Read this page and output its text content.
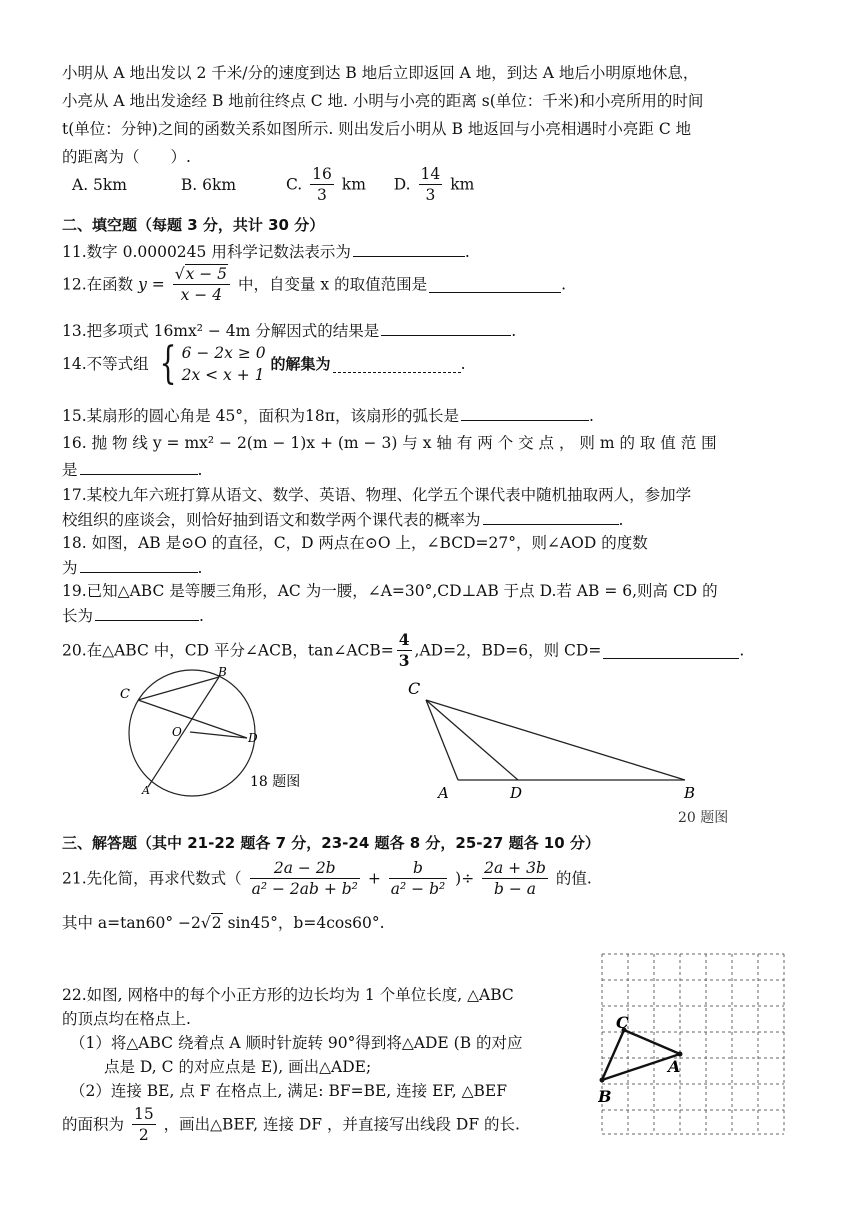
小明从 A 地出发以 2 千米/分的速度到达 B 地后立即返回 A 地，到达 A 地后小明原地休息，
小亮从 A 地出发途经 B 地前往终点 C 地. 小明与小亮的距离 s(单位：千米)和小亮所用的时间
t(单位：分钟)之间的函数关系如图所示. 则出发后小明从 B 地返回与小亮相遇时小亮距 C 地
的距离为（　　）.
A. 5km	B. 6km	C. $\frac{16}{3}$ km D. $\frac{14}{3}$ km
二、填空题（每题 3 分，共计 30 分）
11.数字 0.0000245 用科学记数法表示为	.
12.在函数 $y = \frac{√x - 5}{x - 4}$ 中，自变量 x 的取值范围是	.
13.把多项式 16mx² − 4m 分解因式的结果是	.
14.不等式组 { 6 − 2x ≥ 0
2x < x + 1
的解集为	.
15.某扇形的圆心角是 45°，面积为18π，该扇形的弧长是	.
16. 抛 物 线 y = mx² − 2(m − 1)x + (m − 3) 与 x 轴 有 两 个 交 点 ， 则 m 的 取 值 范 围
是	.
17.某校九年六班打算从语文、数学、英语、物理、化学五个课代表中随机抽取两人，参加学
校组织的座谈会，则恰好抽到语文和数学两个课代表的概率为	.
18. 如图，AB 是⊙O 的直径，C，D 两点在⊙O 上，∠BCD=27°，则∠AOD 的度数
为	.
19.已知△ABC 是等腰三角形，AC 为一腰，∠A=30°,CD⊥AB 于点 D.若 AB = 6,则高 CD 的
长为	.
20.在△ABC 中，CD 平分∠ACB，tan∠ACB= $\frac{4}{3} ,AD=2$，BD=6，则 CD=	.
C
B
O	D
A
18 题图
C
A	D	B
20 题图
三、解答题（其中 21-22 题各 7 分，23-24 题各 8 分，25-27 题各 10 分）
21.先化简，再求代数式（ $\frac{2a - 2b}{\text{a² − 2ab + b²}} + \frac{b}{\text{a² − b²}}$ )÷ $\frac{2a + 3b}{b - a}$ 的值.
其中 a=tan60° −2√2 sin45°，b=4cos60°.
22.如图, 网格中的每个小正方形的边长均为 1 个单位长度, △ABC
的顶点均在格点上.
（1）将△ABC 绕着点 A 顺时针旋转 90°得到将△ADE (B 的对应
点是 D, C 的对应点是 E), 画出△ADE;
（2）连接 BE, 点 F 在格点上, 满足: BF=BE, 连接 EF, △BEF
的面积为 $\frac{15}{2}$ ，画出△BEF, 连接 DF ，并直接写出线段 DF 的长.
C
A
B
